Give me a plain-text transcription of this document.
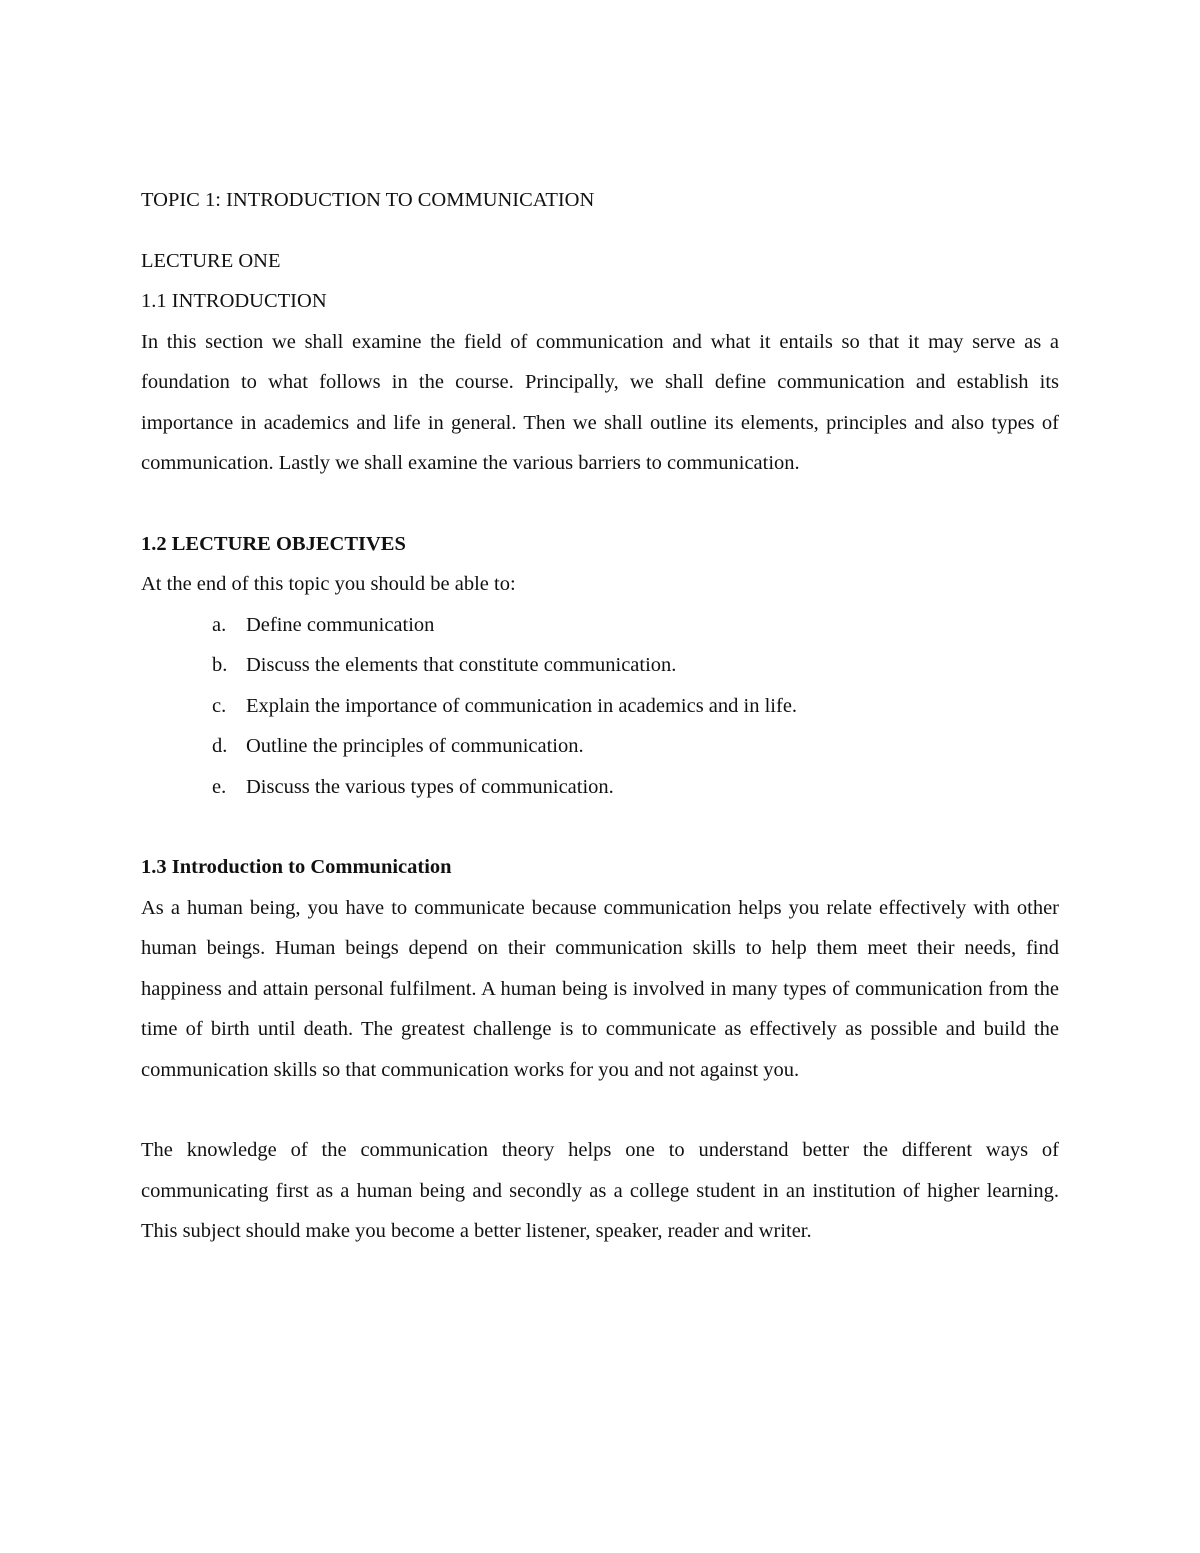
TOPIC 1: INTRODUCTION TO COMMUNICATION

LECTURE ONE

1.1 INTRODUCTION

In this section we shall examine the field of communication and what it entails so that it may serve as a foundation to what follows in the course. Principally, we shall define communication and establish its importance in academics and life in general. Then we shall outline its elements, principles and also types of communication. Lastly we shall examine the various barriers to communication.

1.2 LECTURE OBJECTIVES

At the end of this topic you should be able to:

a. Define communication
b. Discuss the elements that constitute communication.
c. Explain the importance of communication in academics and in life.
d. Outline the principles of communication.
e. Discuss the various types of communication.

1.3 Introduction to Communication

As a human being, you have to communicate because communication helps you relate effectively with other human beings. Human beings depend on their communication skills to help them meet their needs, find happiness and attain personal fulfilment. A human being is involved in many types of communication from the time of birth until death. The greatest challenge is to communicate as effectively as possible and build the communication skills so that communication works for you and not against you.

The knowledge of the communication theory helps one to understand better the different ways of communicating first as a human being and secondly as a college student in an institution of higher learning. This subject should make you become a better listener, speaker, reader and writer.
